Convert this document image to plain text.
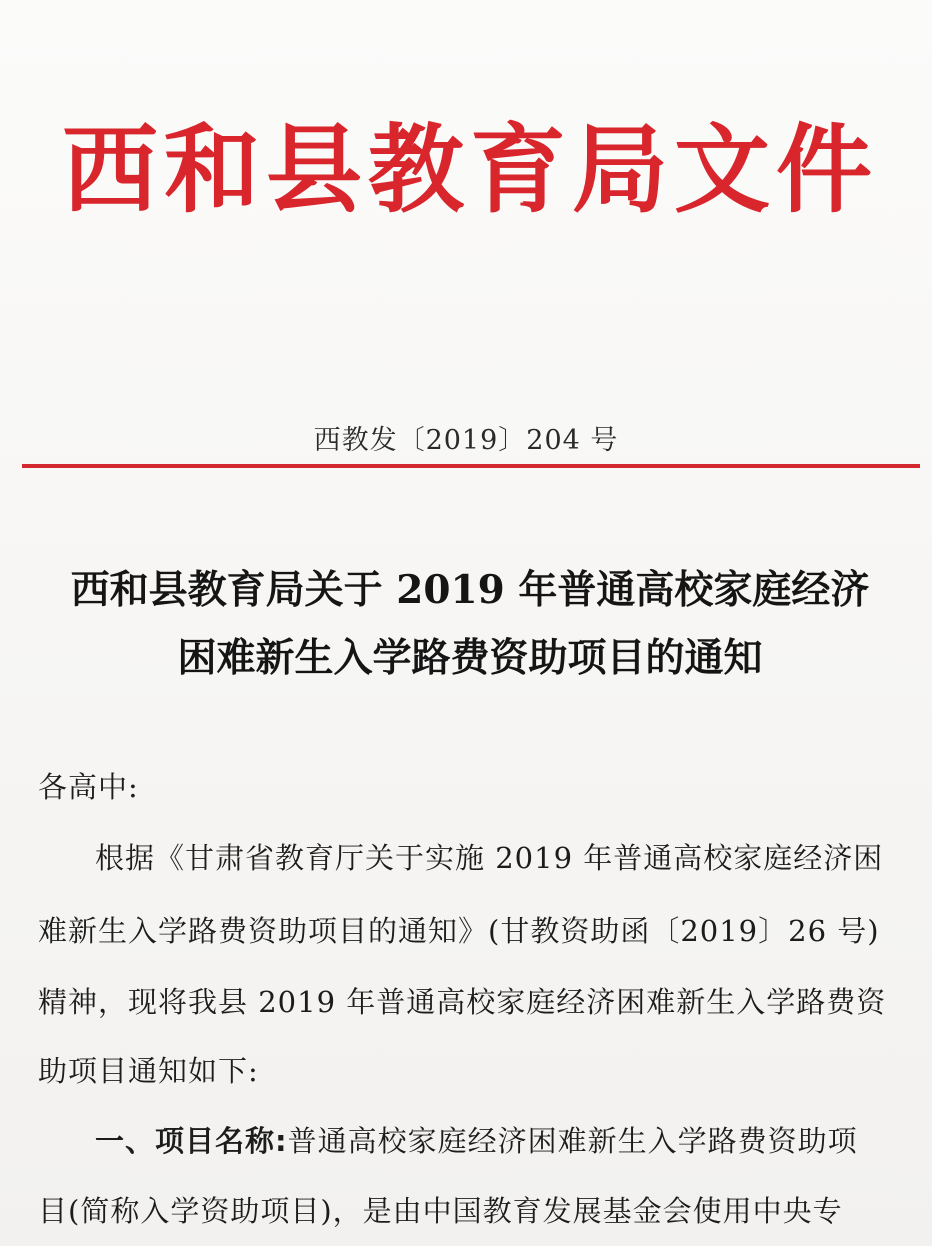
西和县教育局文件
西教发〔2019〕204 号
西和县教育局关于 2019 年普通高校家庭经济
困难新生入学路费资助项目的通知
各高中:
根据《甘肃省教育厅关于实施 2019 年普通高校家庭经济困
难新生入学路费资助项目的通知》(甘教资助函〔2019〕26 号)
精神，现将我县 2019 年普通高校家庭经济困难新生入学路费资
助项目通知如下:
一、项目名称:普通高校家庭经济困难新生入学路费资助项
目(简称入学资助项目)，是由中国教育发展基金会使用中央专
